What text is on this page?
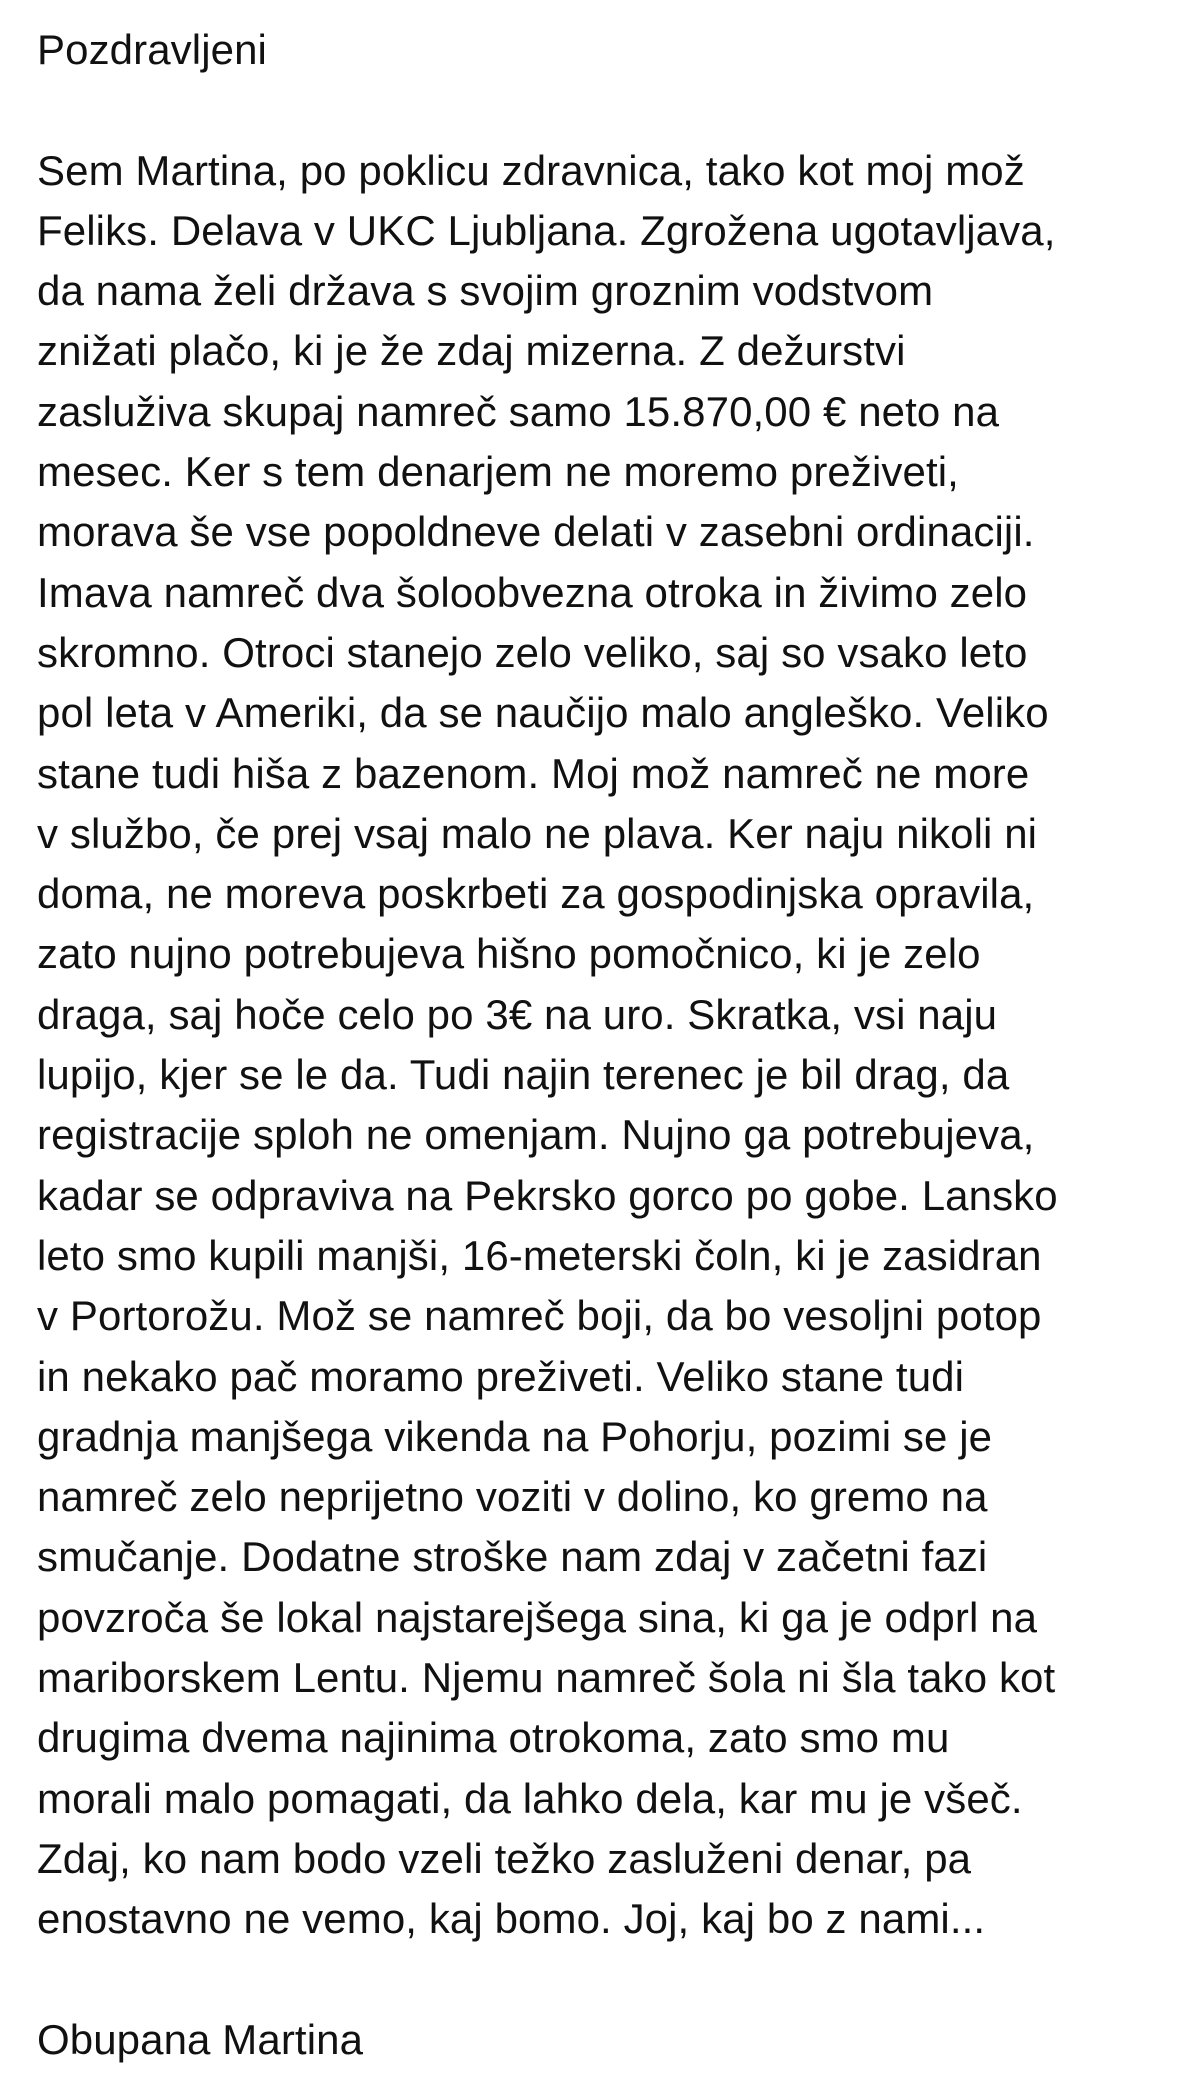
Pozdravljeni
Sem Martina, po poklicu zdravnica, tako kot moj mož
Feliks. Delava v UKC Ljubljana. Zgrožena ugotavljava,
da nama želi država s svojim groznim vodstvom
znižati plačo, ki je že zdaj mizerna. Z dežurstvi
zasluživa skupaj namreč samo 15.870,00 € neto na
mesec. Ker s tem denarjem ne moremo preživeti,
morava še vse popoldneve delati v zasebni ordinaciji.
Imava namreč dva šoloobvezna otroka in živimo zelo
skromno. Otroci stanejo zelo veliko, saj so vsako leto
pol leta v Ameriki, da se naučijo malo angleško. Veliko
stane tudi hiša z bazenom. Moj mož namreč ne more
v službo, če prej vsaj malo ne plava. Ker naju nikoli ni
doma, ne moreva poskrbeti za gospodinjska opravila,
zato nujno potrebujeva hišno pomočnico, ki je zelo
draga, saj hoče celo po 3€ na uro. Skratka, vsi naju
lupijo, kjer se le da. Tudi najin terenec je bil drag, da
registracije sploh ne omenjam. Nujno ga potrebujeva,
kadar se odpraviva na Pekrsko gorco po gobe. Lansko
leto smo kupili manjši, 16-meterski čoln, ki je zasidran
v Portorožu. Mož se namreč boji, da bo vesoljni potop
in nekako pač moramo preživeti. Veliko stane tudi
gradnja manjšega vikenda na Pohorju, pozimi se je
namreč zelo neprijetno voziti v dolino, ko gremo na
smučanje. Dodatne stroške nam zdaj v začetni fazi
povzroča še lokal najstarejšega sina, ki ga je odprl na
mariborskem Lentu. Njemu namreč šola ni šla tako kot
drugima dvema najinima otrokoma, zato smo mu
morali malo pomagati, da lahko dela, kar mu je všeč.
Zdaj, ko nam bodo vzeli težko zasluženi denar, pa
enostavno ne vemo, kaj bomo. Joj, kaj bo z nami...
Obupana Martina
